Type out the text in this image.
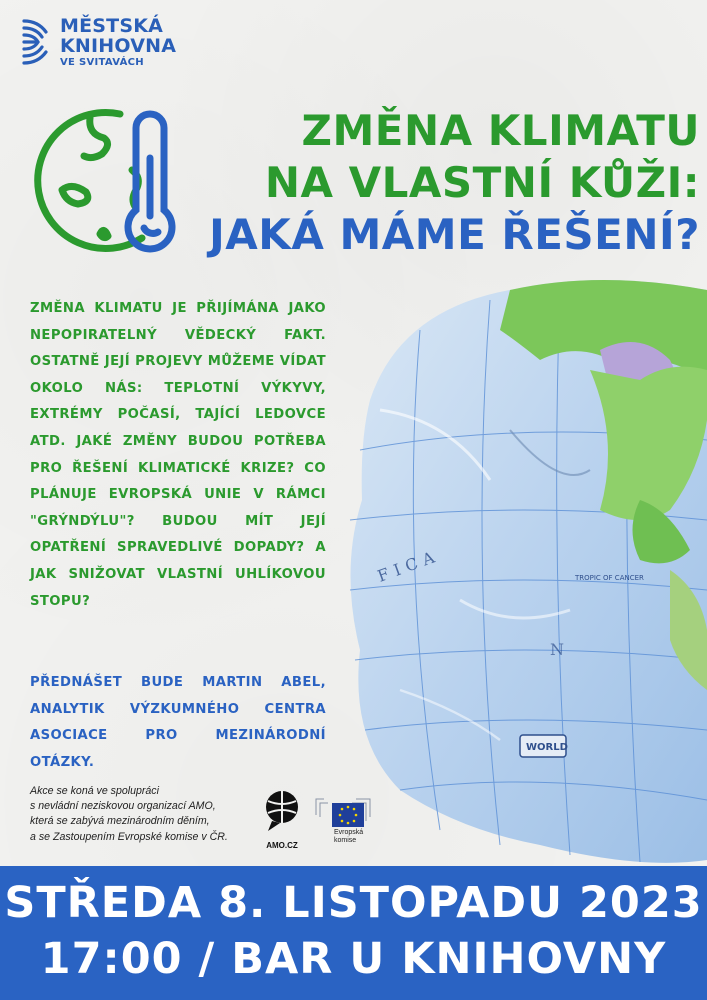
MĚSTSKÁ
KNIHOVNA
VE SVITAVÁCH
ZMĚNA KLIMATU
NA VLASTNÍ KŮŽI:
JAKÁ MÁME ŘEŠENÍ?
FICA
N
TROPIC OF CANCER
WORLD
ZMĚNA KLIMATU JE PŘIJÍMÁNA JAKO NEPOPIRATELNÝ VĚDECKÝ FAKT. OSTATNĚ JEJÍ PROJEVY MŮŽEME VÍDAT OKOLO NÁS: TEPLOTNÍ VÝKYVY, EXTRÉMY POČASÍ, TAJÍCÍ LEDOVCE ATD. JAKÉ ZMĚNY BUDOU POTŘEBA PRO ŘEŠENÍ KLIMATICKÉ KRIZE? CO PLÁNUJE EVROPSKÁ UNIE V RÁMCI "GRÝNDÝLU"? BUDOU MÍT JEJÍ OPATŘENÍ SPRAVEDLIVÉ DOPADY? A JAK SNIŽOVAT VLASTNÍ UHLÍKOVOU STOPU?
PŘEDNÁŠET BUDE MARTIN ABEL, ANALYTIK VÝZKUMNÉHO CENTRA ASOCIACE PRO MEZINÁRODNÍ OTÁZKY.
Akce se koná ve spolupráci
s nevládní neziskovou organizací AMO,
která se zabývá mezinárodním děním,
a se Zastoupením Evropské komise v ČR.
AMO.CZ
Evropská
komise
STŘEDA 8. LISTOPADU 2023
17:00 / BAR U KNIHOVNY
